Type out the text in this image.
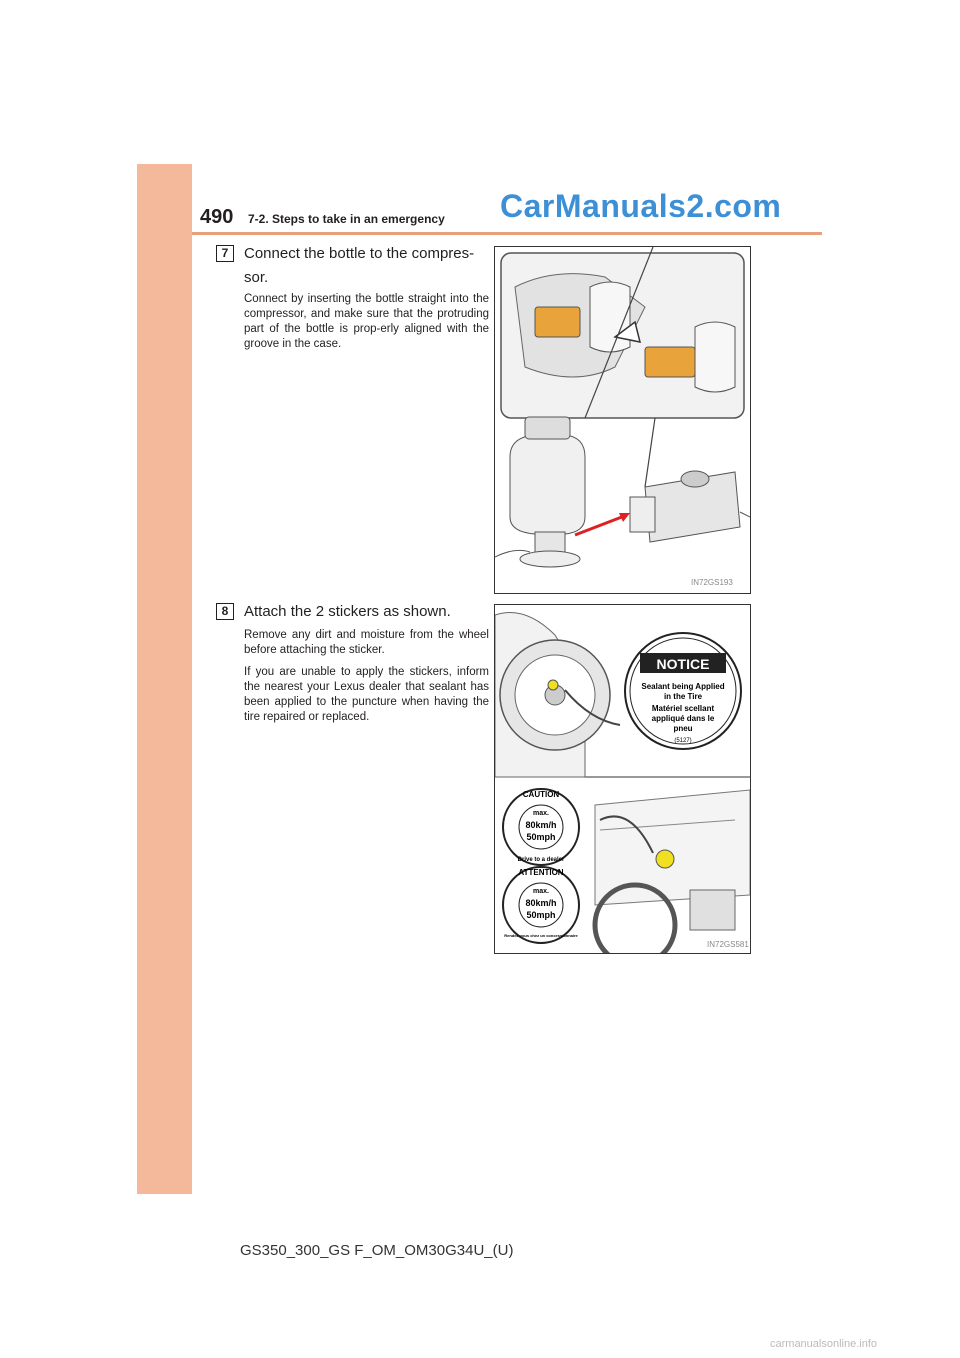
490 7-2. Steps to take in an emergency CarManuals2.com
7	Connect the bottle to the compres-sor.

Connect by inserting the bottle straight into the compressor, and make sure that the protruding part of the bottle is prop-erly aligned with the groove in the case.

IN72GS193
8	Attach the 2 stickers as shown.

Remove any dirt and moisture from the wheel before attaching the sticker.

If you are unable to apply the stickers, inform the nearest your Lexus dealer that sealant has been applied to the puncture when having the tire repaired or replaced.

NOTICE
Sealant being Applied
in the Tire
Matériel scellant
appliqué dans le
pneu
(5127)
CAUTION
max.
80km/h
50mph
Drive to a dealer
ATTENTION
max.
80km/h
50mph
Rendez-vous chez un concessionnaire
IN72GS581
GS350_300_GS F_OM_OM30G34U_(U)
carmanualsonline.info
